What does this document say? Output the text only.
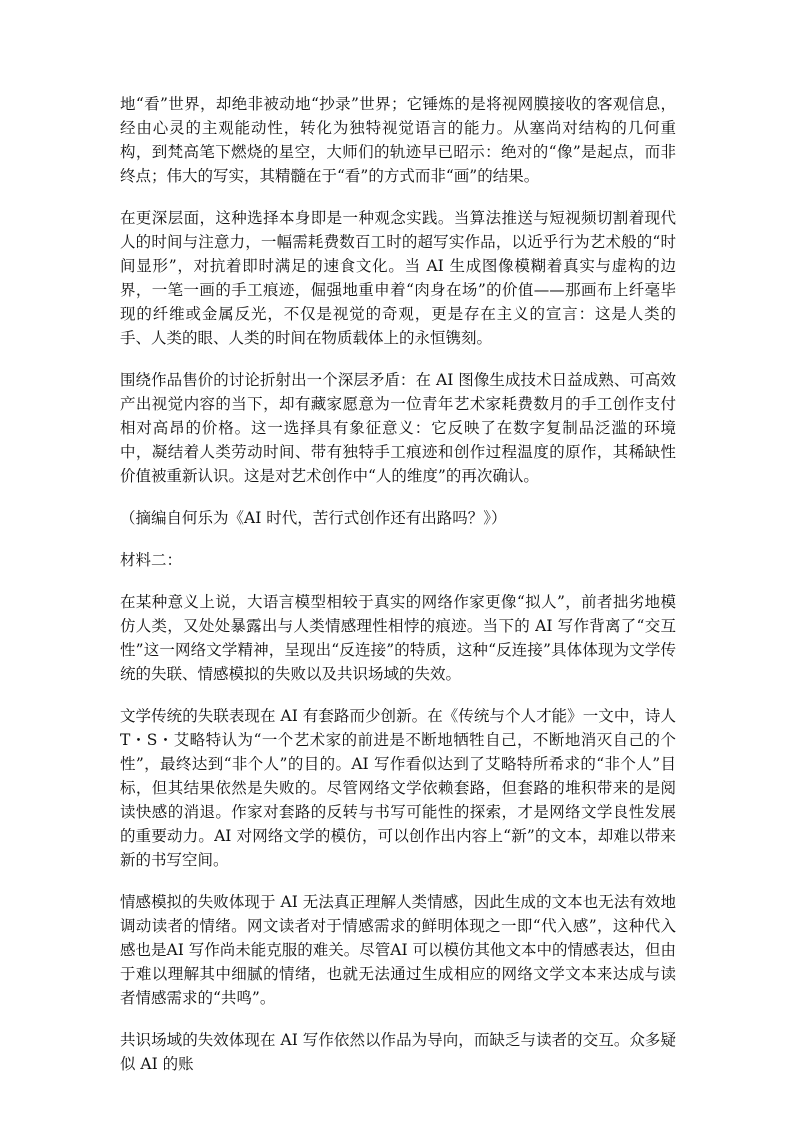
地“看”世界，却绝非被动地“抄录”世界；它锤炼的是将视网膜接收的客观信息，经由心灵的主观能动性，转化为独特视觉语言的能力。从塞尚对结构的几何重构，到梵高笔下燃烧的星空，大师们的轨迹早已昭示：绝对的“像”是起点，而非终点；伟大的写实，其精髓在于“看”的方式而非“画”的结果。

在更深层面，这种选择本身即是一种观念实践。当算法推送与短视频切割着现代人的时间与注意力，一幅需耗费数百工时的超写实作品，以近乎行为艺术般的“时间显形”，对抗着即时满足的速食文化。当 AI 生成图像模糊着真实与虚构的边界，一笔一画的手工痕迹，倔强地重申着“肉身在场”的价值——那画布上纤毫毕现的纤维或金属反光，不仅是视觉的奇观，更是存在主义的宣言：这是人类的手、人类的眼、人类的时间在物质载体上的永恒镌刻。

围绕作品售价的讨论折射出一个深层矛盾：在 AI 图像生成技术日益成熟、可高效产出视觉内容的当下，却有藏家愿意为一位青年艺术家耗费数月的手工创作支付相对高昂的价格。这一选择具有象征意义：它反映了在数字复制品泛滥的环境中，凝结着人类劳动时间、带有独特手工痕迹和创作过程温度的原作，其稀缺性价值被重新认识。这是对艺术创作中“人的维度”的再次确认。

（摘编自何乐为《AI 时代，苦行式创作还有出路吗？》）

材料二：

在某种意义上说，大语言模型相较于真实的网络作家更像“拟人”，前者拙劣地模仿人类，又处处暴露出与人类情感理性相悖的痕迹。当下的 AI 写作背离了“交互性”这一网络文学精神，呈现出“反连接”的特质，这种“反连接”具体体现为文学传统的失联、情感模拟的失败以及共识场域的失效。

文学传统的失联表现在 AI 有套路而少创新。在《传统与个人才能》一文中，诗人 T・S・艾略特认为“一个艺术家的前进是不断地牺牲自己，不断地消灭自己的个性”，最终达到“非个人”的目的。AI 写作看似达到了艾略特所希求的“非个人”目标，但其结果依然是失败的。尽管网络文学依赖套路，但套路的堆积带来的是阅读快感的消退。作家对套路的反转与书写可能性的探索，才是网络文学良性发展的重要动力。AI 对网络文学的模仿，可以创作出内容上“新”的文本，却难以带来新的书写空间。

情感模拟的失败体现于 AI 无法真正理解人类情感，因此生成的文本也无法有效地调动读者的情绪。网文读者对于情感需求的鲜明体现之一即“代入感”，这种代入感也是AI 写作尚未能克服的难关。尽管AI 可以模仿其他文本中的情感表达，但由于难以理解其中细腻的情绪，也就无法通过生成相应的网络文学文本来达成与读者情感需求的“共鸣”。

共识场域的失效体现在 AI 写作依然以作品为导向，而缺乏与读者的交互。众多疑似 AI 的账
